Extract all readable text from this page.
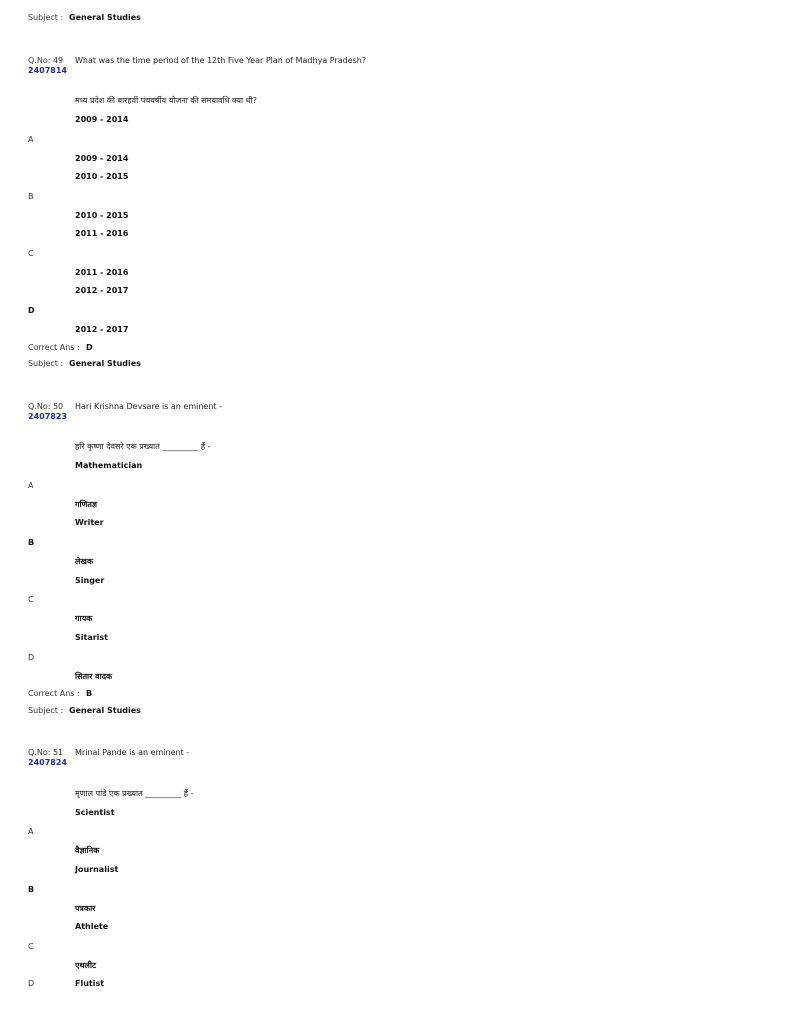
Subject : General Studies
Q.No: 49 What was the time period of the 12th Five Year Plan of Madhya Pradesh?
2407814
मध्य प्रदेश की बारहवीं पंचवर्षीय योजना की समयावधि क्या थी?
2009 - 2014
A
2009 - 2014
2010 - 2015
B
2010 - 2015
2011 - 2016
C
2011 - 2016
2012 - 2017
D
2012 - 2017
Correct Ans : D
Subject : General Studies
Q.No: 50 Hari Krishna Devsare is an eminent -
2407823
हरि कृष्णा देवसरे एक प्रख्यात _________ हैं -
Mathematician
A
गणितज्ञ
Writer
B
लेखक
Singer
C
गायक
Sitarist
D
सितार वादक
Correct Ans : B
Subject : General Studies
Q.No: 51 Mrinal Pande is an eminent -
2407824
मृणाल पांडे एक प्रख्यात _________ हैं -
Scientist
A
वैज्ञानिक
Journalist
B
पत्रकार
Athlete
C
एथलीट
D	Flutist
